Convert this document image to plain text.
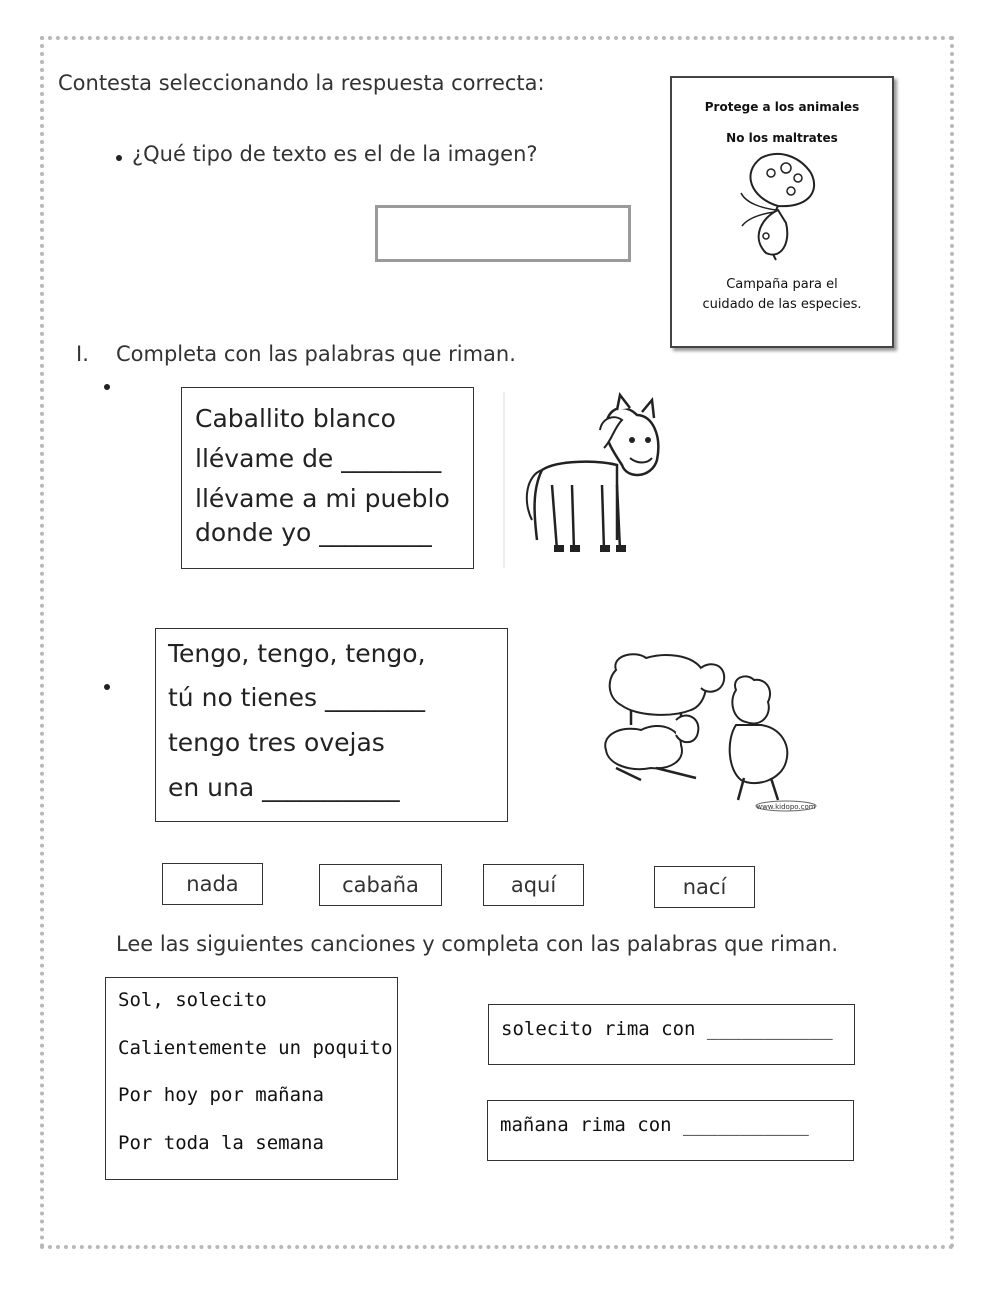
Contesta seleccionando la respuesta correcta:
¿Qué tipo de texto es el de la imagen?
Protege a los animales
No los maltrates
Campaña para el
cuidado de las especies.
I. Completa con las palabras que riman.
Caballito blanco
llévame de ________
llévame a mi pueblo
donde yo _________
Tengo, tengo, tengo,
tú no tienes ________
tengo tres ovejas
en una ___________
www.kidopo.com
nada	cabaña	aquí	nací
Lee las siguientes canciones y completa con las palabras que riman.
Sol, solecito
Calientemente un poquito
Por hoy por mañana
Por toda la semana
solecito rima con ___________
mañana rima con ___________
